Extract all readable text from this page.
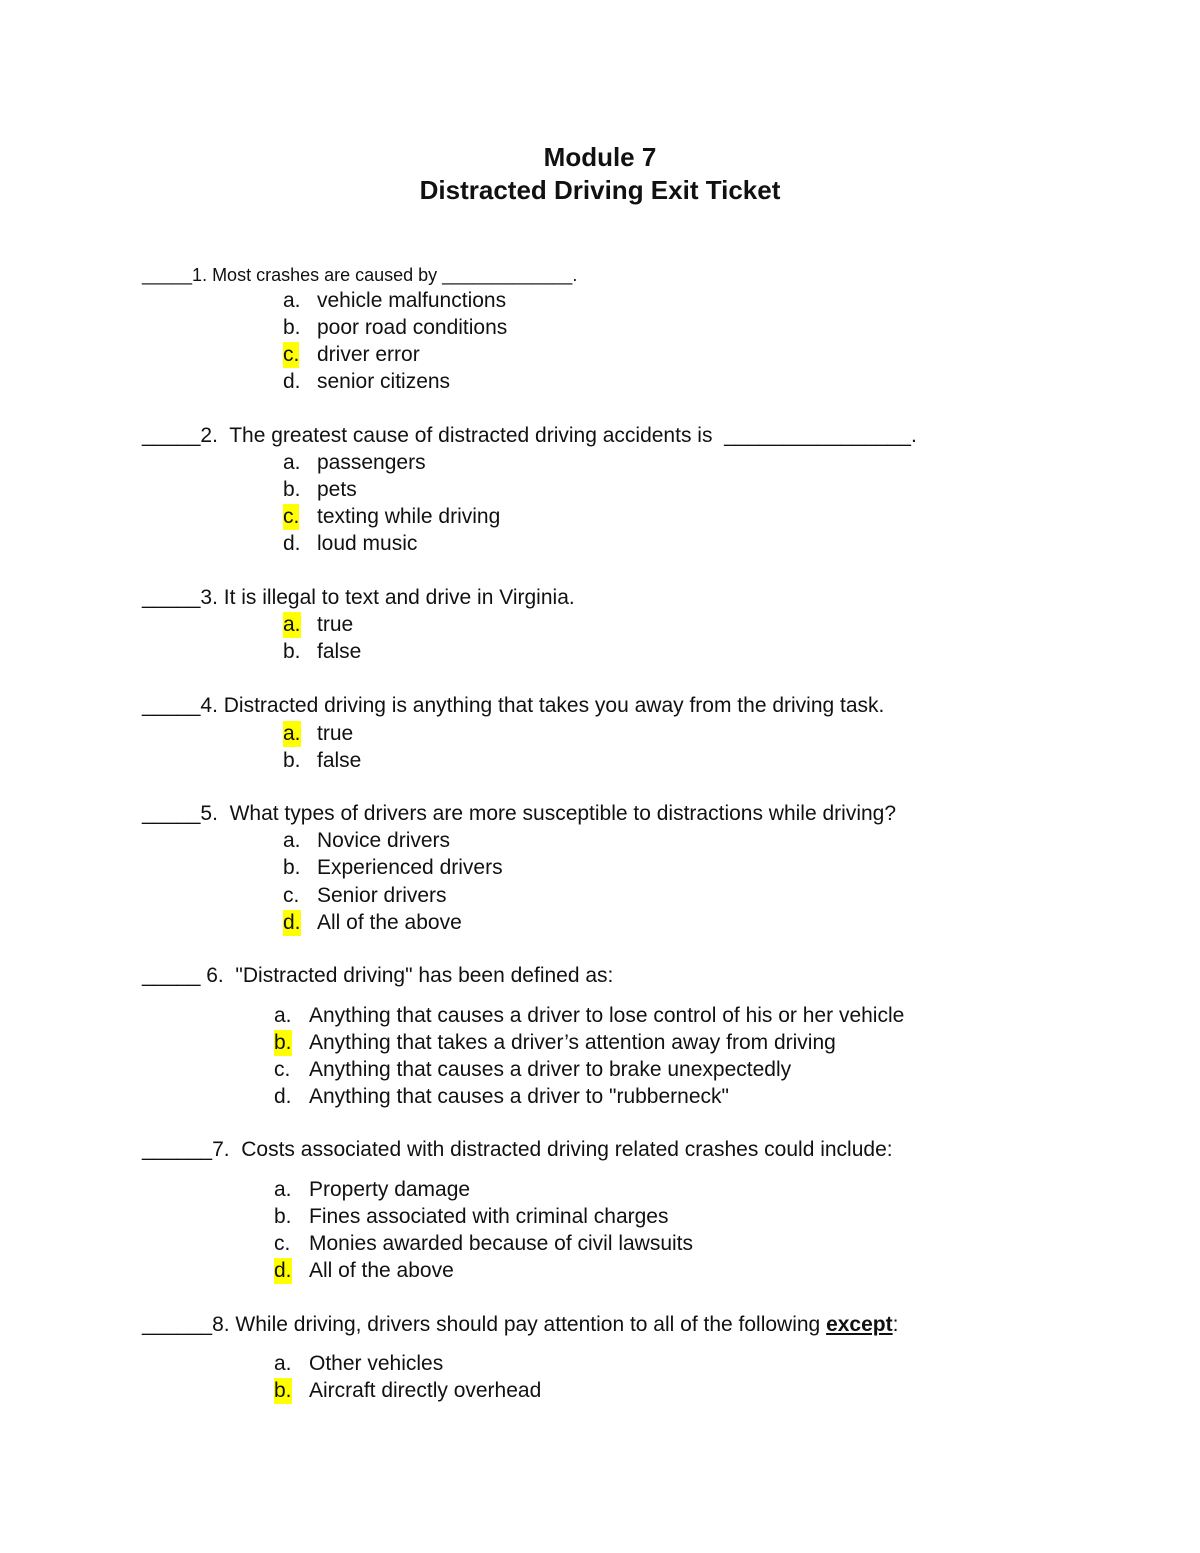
Module 7
Distracted Driving Exit Ticket
_____1. Most crashes are caused by _____________.
a. vehicle malfunctions
b. poor road conditions
c. driver error
d. senior citizens
_____2.  The greatest cause of distracted driving accidents is  ________________.
a. passengers
b. pets
c. texting while driving
d. loud music
_____3. It is illegal to text and drive in Virginia.
a. true
b. false
_____4. Distracted driving is anything that takes you away from the driving task.
a. true
b. false
_____5.  What types of drivers are more susceptible to distractions while driving?
a. Novice drivers
b. Experienced drivers
c. Senior drivers
d. All of the above
_____ 6.  "Distracted driving" has been defined as:
a. Anything that causes a driver to lose control of his or her vehicle
b. Anything that takes a driver’s attention away from driving
c. Anything that causes a driver to brake unexpectedly
d. Anything that causes a driver to "rubberneck"
______7.  Costs associated with distracted driving related crashes could include:
a. Property damage
b. Fines associated with criminal charges
c. Monies awarded because of civil lawsuits
d. All of the above
______8. While driving, drivers should pay attention to all of the following except:
a. Other vehicles
b. Aircraft directly overhead
